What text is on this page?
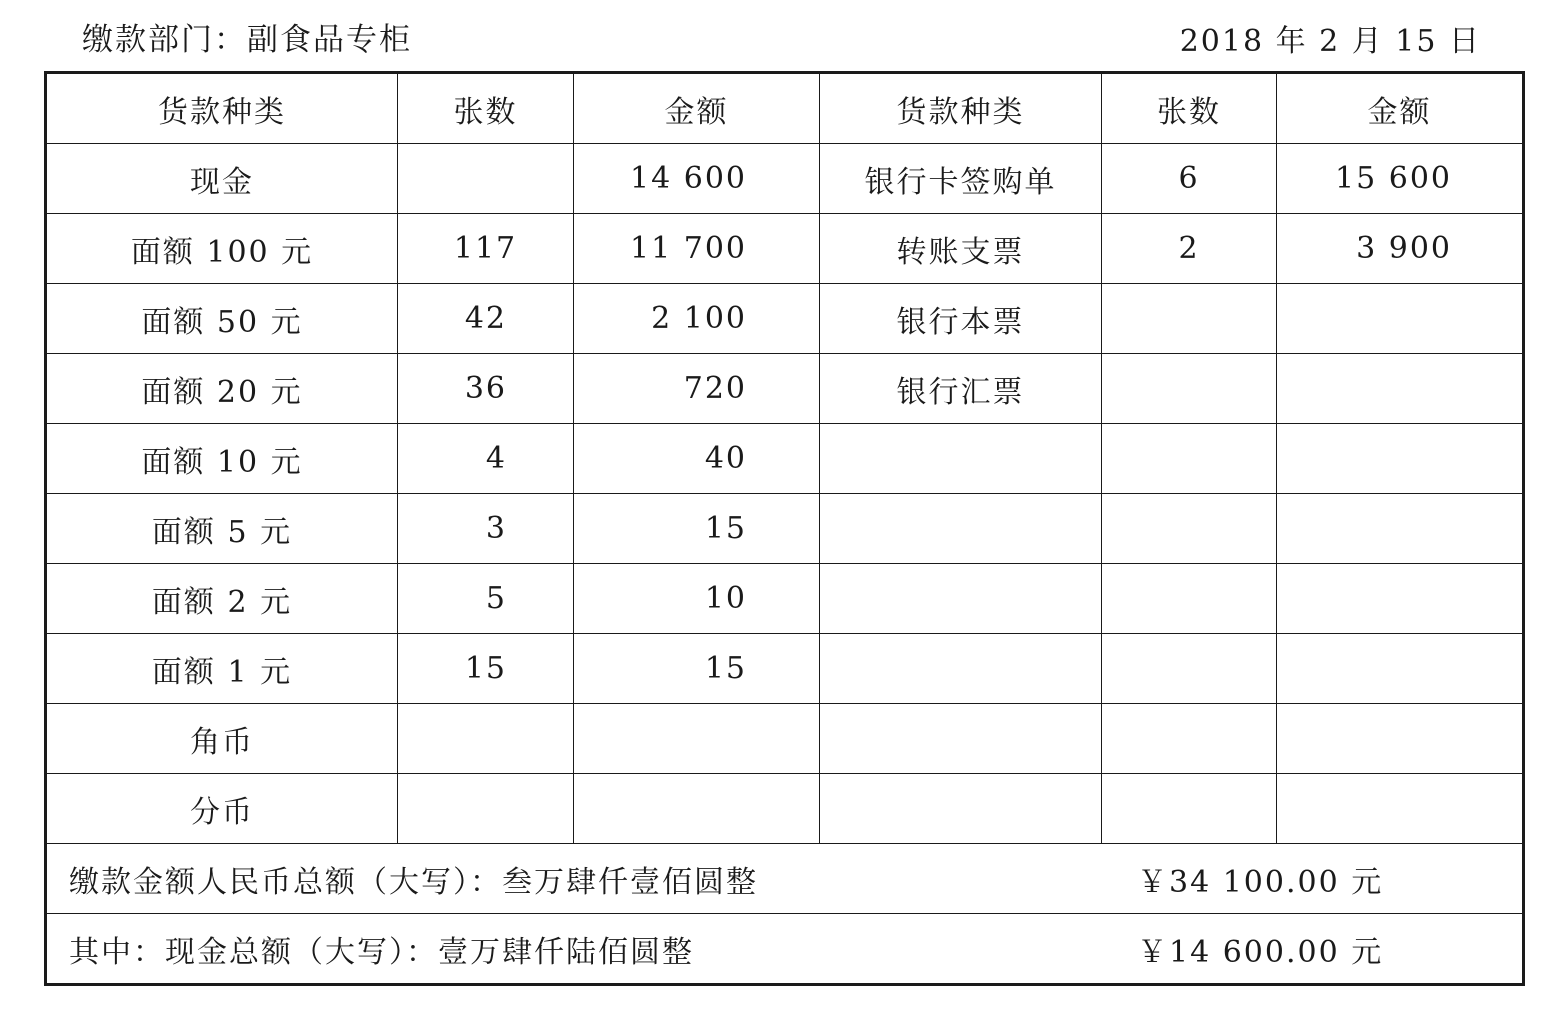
缴款部门：副食品专柜	2018 年 2 月 15 日
货款种类	张数	金额	货款种类	张数	金额
现金		14 600	银行卡签购单	6	15 600
面额 100 元	117	11 700	转账支票	2	3 900
面额 50 元	42	2 100	银行本票		
面额 20 元	36	720	银行汇票		
面额 10 元	4	40			
面额 5 元	3	15			
面额 2 元	5	10			
面额 1 元	15	15			
角币					
分币					
缴款金额人民币总额（大写）：叁万肆仟壹佰圆整 ￥34 100.00 元					

其中：现金总额（大写）：壹万肆仟陆佰圆整 ￥14 600.00 元					
